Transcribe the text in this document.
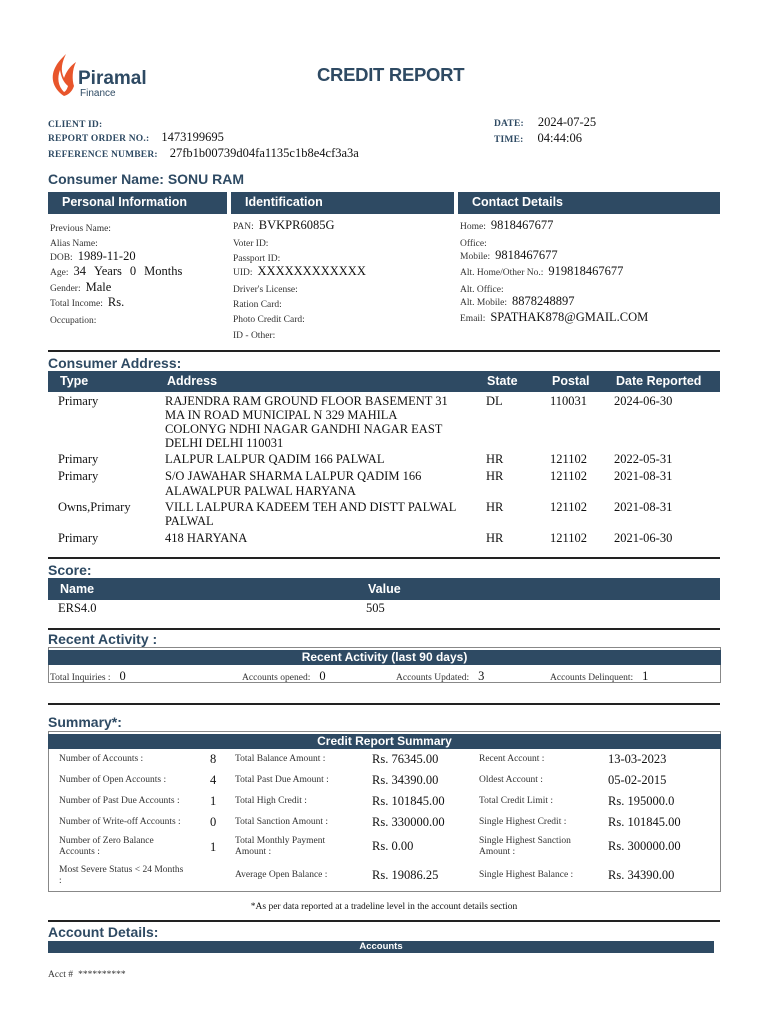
Piramal
Finance
CREDIT REPORT
CLIENT ID:
REPORT ORDER NO.: 1473199695
REFERENCE NUMBER: 27fb1b00739d04fa1135c1b8e4cf3a3a
DATE: 2024-07-25
TIME: 04:44:06
Consumer Name: SONU RAM
Personal Information	Identification	Contact Details
Previous Name:
Alias Name:
DOB: 1989-11-20
Age: 34 Years 0 Months
Gender: Male
Total Income: Rs.
Occupation:
PAN: BVKPR6085G
Voter ID:
Passport ID:
UID: XXXXXXXXXXXX
Driver's License:
Ration Card:
Photo Credit Card:
ID - Other:
Home: 9818467677
Office:
Mobile: 9818467677
Alt. Home/Other No.: 919818467677
Alt. Office:
Alt. Mobile: 8878248897
Email: SPATHAK878@GMAIL.COM
Consumer Address:
Type	Address	State	Postal Date Reported
Primary	RAJENDRA RAM GROUND FLOOR BASEMENT 31
MA IN ROAD MUNICIPAL N 329 MAHILA
COLONYG NDHI NAGAR GANDHI NAGAR EAST
DELHI DELHI 110031
DL	110031 2024-06-30
Primary	LALPUR LALPUR QADIM 166 PALWAL	HR	121102 2022-05-31
Primary	S/O JAWAHAR SHARMA LALPUR QADIM 166
ALAWALPUR PALWAL HARYANA
HR	121102 2021-08-31
Owns,Primary	VILL LALPURA KADEEM TEH AND DISTT PALWAL
PALWAL
HR	121102 2021-08-31
Primary	418 HARYANA	HR	121102 2021-06-30
Score:
Name	Value
ERS4.0	505
Recent Activity :
Recent Activity (last 90 days)
Total Inquiries : 0	Accounts opened: 0	Accounts Updated: 3	Accounts Delinquent: 1
Summary*:
Credit Report Summary
Number of Accounts :	8 Total Balance Amount :	Rs. 76345.00	Recent Account :	13-03-2023
Number of Open Accounts :	4 Total Past Due Amount :	Rs. 34390.00	Oldest Account :	05-02-2015
Number of Past Due Accounts : 1 Total High Credit :	Rs. 101845.00	Total Credit Limit :	Rs. 195000.0
Number of Write-off Accounts : 0 Total Sanction Amount :	Rs. 330000.00	Single Highest Credit :	Rs. 101845.00
Number of Zero Balance
Accounts :	1 Total Monthly Payment
Amount :	Rs. 0.00	Single Highest Sanction
Amount :	Rs. 300000.00
Most Severe Status < 24 Months
:
Average Open Balance :	Rs. 19086.25	Single Highest Balance :	Rs. 34390.00
*As per data reported at a tradeline level in the account details section
Account Details:
Accounts
Acct # **********
